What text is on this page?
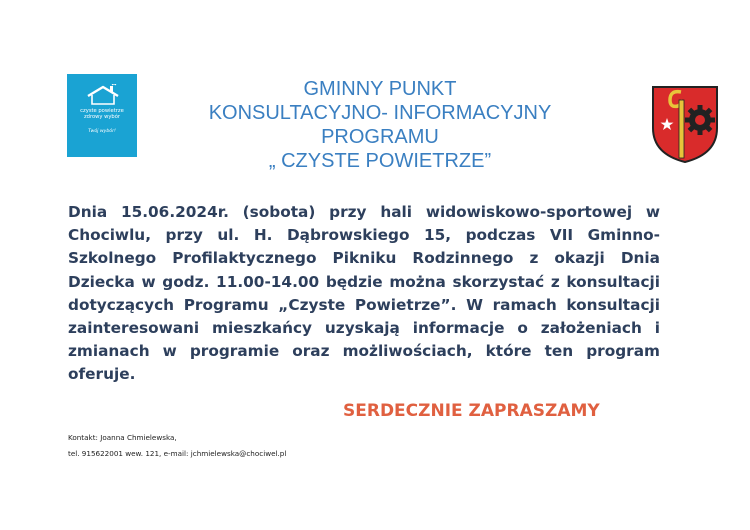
czyste powietrze
zdrowy wybór
Twój wybór!
GMINNY PUNKT
KONSULTACYJNO- INFORMACYJNY
PROGRAMU
„ CZYSTE POWIETRZE”
Dnia 15.06.2024r. (sobota) przy hali widowiskowo-sportowej w Chociwlu, przy ul. H. Dąbrowskiego 15, podczas VII Gminno-Szkolnego Profilaktycznego Pikniku Rodzinnego z okazji Dnia Dziecka w godz. 11.00-14.00 będzie można skorzystać z konsultacji dotyczących Programu „Czyste Powietrze”. W ramach konsultacji zainteresowani mieszkańcy uzyskają informacje o założeniach i zmianach w programie oraz możliwościach, które ten program oferuje.
SERDECZNIE ZAPRASZAMY
Kontakt: Joanna Chmielewska,
tel. 915622001 wew. 121, e-mail: jchmielewska@chociwel.pl
